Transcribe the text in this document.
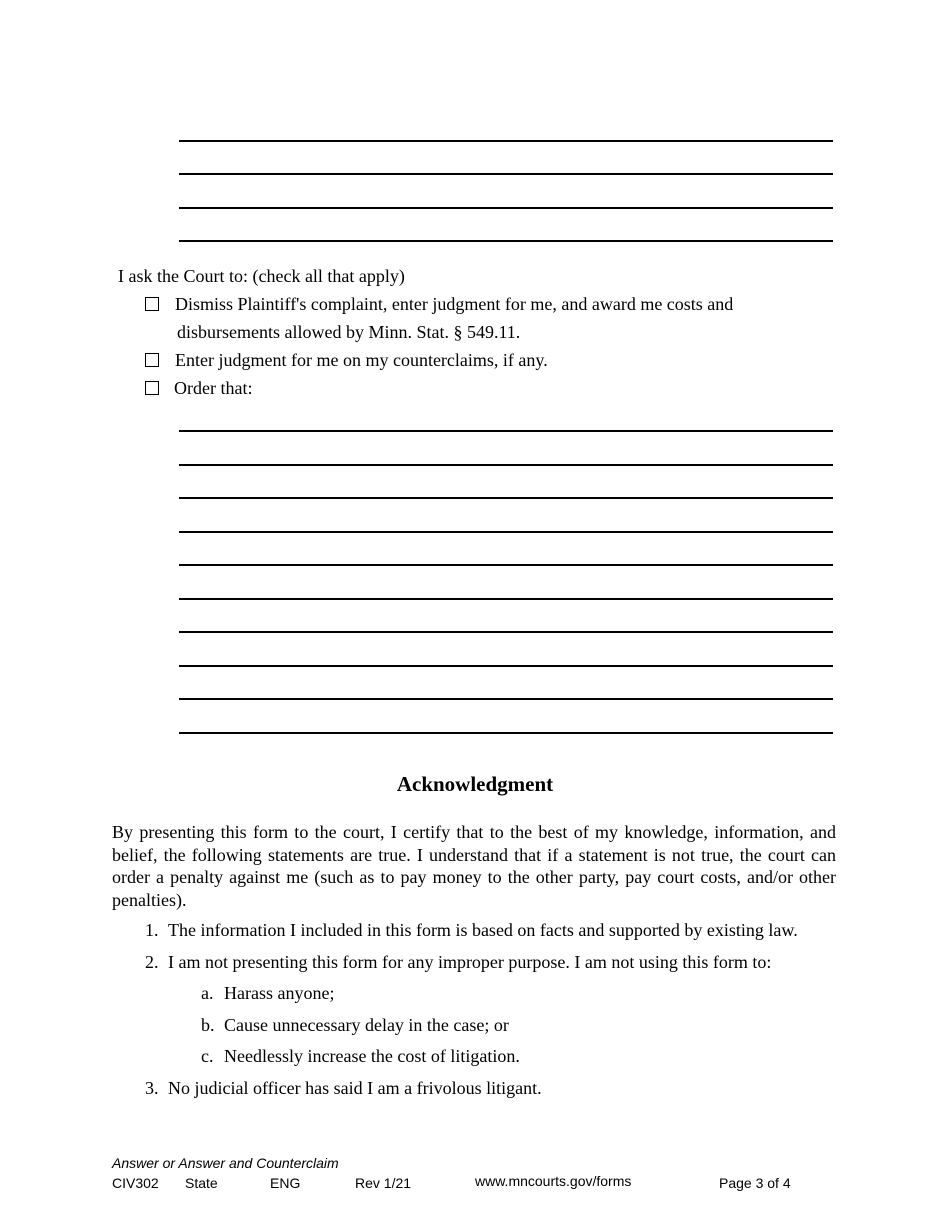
I ask the Court to: (check all that apply)
Dismiss Plaintiff's complaint, enter judgment for me, and award me costs and
disbursements allowed by Minn. Stat. § 549.11.
Enter judgment for me on my counterclaims, if any.
Order that:
Acknowledgment
By presenting this form to the court, I certify that to the best of my knowledge, information, and belief, the following statements are true. I understand that if a statement is not true, the court can order a penalty against me (such as to pay money to the other party, pay court costs, and/or other penalties).
1. The information I included in this form is based on facts and supported by existing law.
2. I am not presenting this form for any improper purpose. I am not using this form to:
a. Harass anyone;
b. Cause unnecessary delay in the case; or
c. Needlessly increase the cost of litigation.
3. No judicial officer has said I am a frivolous litigant.
Answer or Answer and Counterclaim
CIV302 State	ENG	Rev 1/21	www.mncourts.gov/forms	Page 3 of 4
